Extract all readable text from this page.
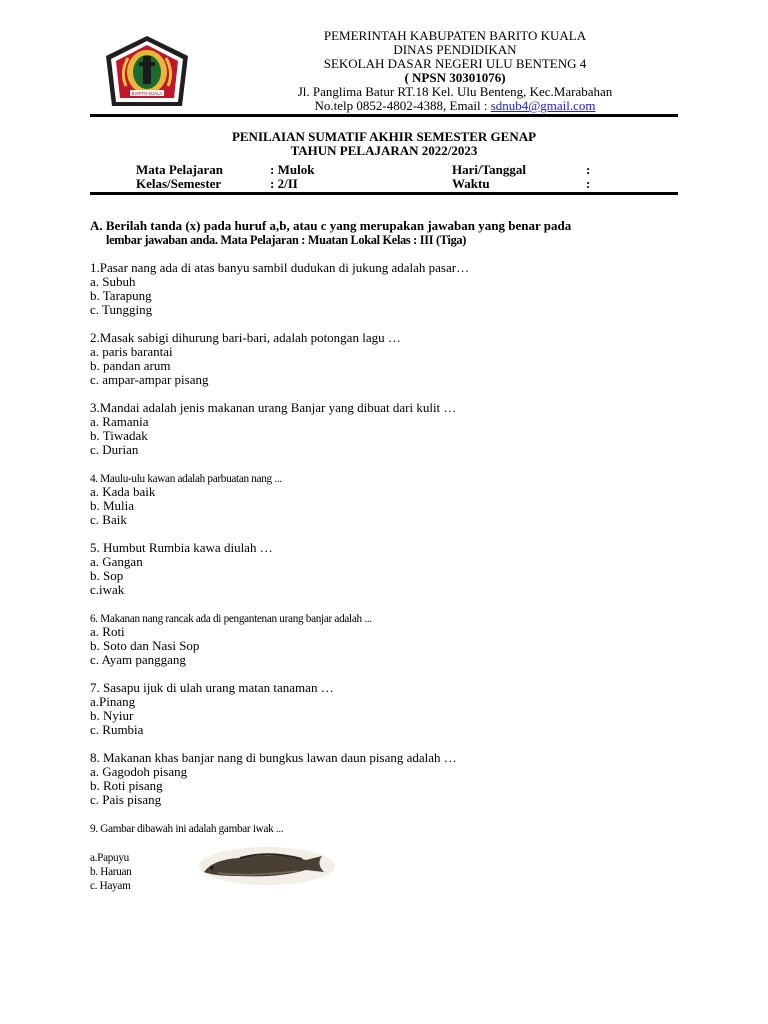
BARITO KUALA
PEMERINTAH KABUPATEN BARITO KUALA
DINAS PENDIDIKAN
SEKOLAH DASAR NEGERI ULU BENTENG 4
( NPSN 30301076)
Jl. Panglima Batur RT.18 Kel. Ulu Benteng, Kec.Marabahan
No.telp 0852-4802-4388, Email : sdnub4@gmail.com
PENILAIAN SUMATIF AKHIR SEMESTER GENAP
TAHUN PELAJARAN 2022/2023
Mata Pelajaran	: Mulok	Hari/Tanggal	:
Kelas/Semester	: 2/II	Waktu	:
A. Berilah tanda (x) pada huruf a,b, atau c yang merupakan jawaban yang benar pada
lembar jawaban anda. Mata Pelajaran : Muatan Lokal Kelas : III (Tiga)
1.Pasar nang ada di atas banyu sambil dudukan di jukung adalah pasar…
a. Subuh
b. Tarapung
c. Tungging
2.Masak sabigi dihurung bari-bari, adalah potongan lagu …
a. paris barantai
b. pandan arum
c. ampar-ampar pisang
3.Mandai adalah jenis makanan urang Banjar yang dibuat dari kulit …
a. Ramania
b. Tiwadak
c. Durian
4. Maulu-ulu kawan adalah parbuatan nang ...
a. Kada baik
b. Mulia
c. Baik
5. Humbut Rumbia kawa diulah …
a. Gangan
b. Sop
c.iwak
6. Makanan nang rancak ada di pengantenan urang banjar adalah ...
a. Roti
b. Soto dan Nasi Sop
c. Ayam panggang
7. Sasapu ijuk di ulah urang matan tanaman …
a.Pinang
b. Nyiur
c. Rumbia
8. Makanan khas banjar nang di bungkus lawan daun pisang adalah …
a. Gagodoh pisang
b. Roti pisang
c. Pais pisang
9. Gambar dibawah ini adalah gambar iwak ...
a.Papuyu
b. Haruan
c. Hayam
